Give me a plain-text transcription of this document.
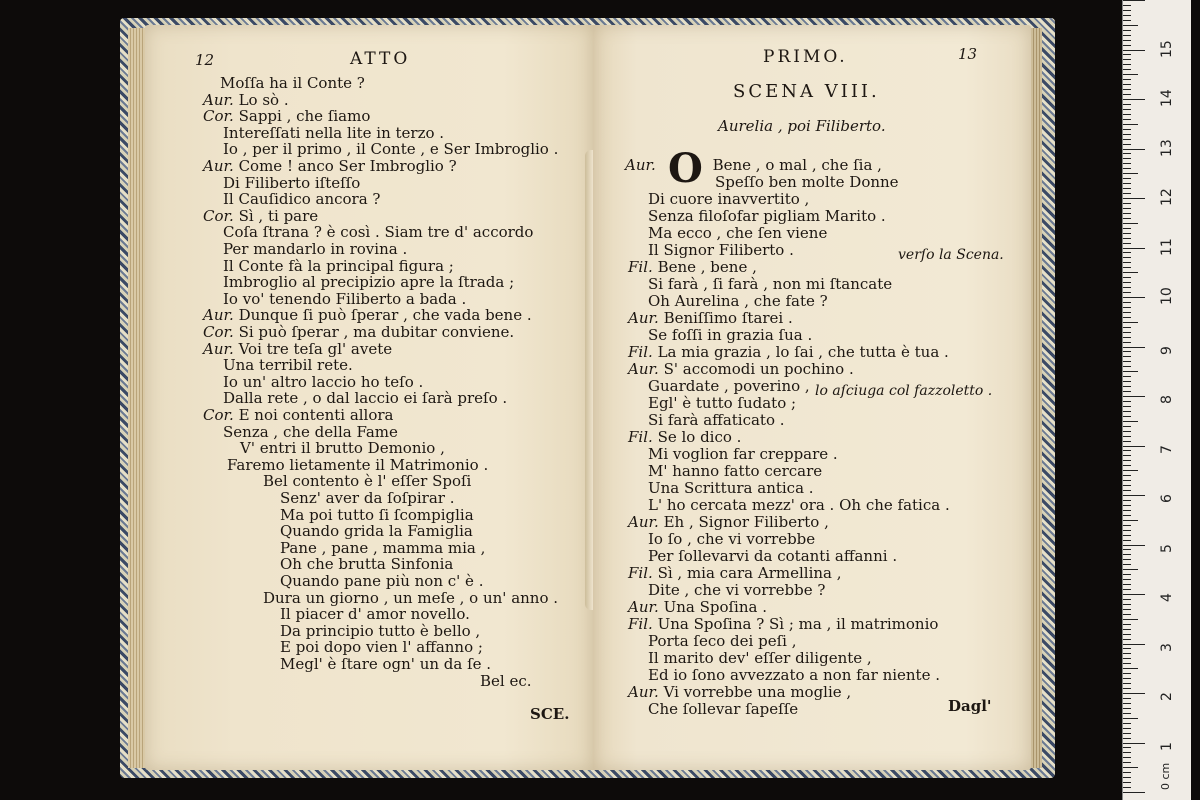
12	ATTO
Moſſa ha il Conte ?
Aur. Lo sò .
Cor. Sappi , che ſiamo
Intereſſati nella lite in terzo .
Io , per il primo , il Conte , e Ser Imbroglio .
Aur. Come ! anco Ser Imbroglio ?
Di Filiberto iſteſſo
Il Cauſidico ancora ?
Cor. Sì , ti pare
Coſa ſtrana ? è così . Siam tre d' accordo
Per mandarlo in rovina .
Il Conte fà la principal figura ;
Imbroglio al precipizio apre la ſtrada ;
Io vo' tenendo Filiberto a bada .
Aur. Dunque ſi può ſperar , che vada bene .
Cor. Si può ſperar , ma dubitar conviene.
Aur. Voi tre teſa gl' avete
Una terribil rete.
Io un' altro laccio ho teſo .
Dalla rete , o dal laccio ei ſarà preſo .
Cor. E noi contenti allora
Senza , che della Fame
V' entri il brutto Demonio ,
Faremo lietamente il Matrimonio .
Bel contento è l' eſſer Spoſi
Senz' aver da ſoſpirar .
Ma poi tutto ſi ſcompiglia
Quando grida la Famiglia
Pane , pane , mamma mia ,
Oh che brutta Sinfonia
Quando pane più non c' è .
Dura un giorno , un meſe , o un' anno .
Il piacer d' amor novello.
Da principio tutto è bello ,
E poi dopo vien l' affanno ;
Megl' è ſtare ogn' un da ſe .
Bel ec.
SCE.
PRIMO.	13
SCENA VIII.
Aurelia , poi Filiberto.
O
Aur.	Bene , o mal , che ſia ,
Speſſo ben molte Donne
Di cuore inavvertito ,
Senza filoſofar pigliam Marito .
Ma ecco , che ſen viene
Il Signor Filiberto .
Fil. Bene , bene ,
Si farà , ſi farà , non mi ſtancate
Oh Aurelina , che fate ?
Aur. Beniſſimo ſtarei .
Se foſſi in grazia ſua .
Fil. La mia grazia , lo ſai , che tutta è tua .
Aur. S' accomodi un pochino .
Guardate , poverino ,
Egl' è tutto ſudato ;
Si farà affaticato .
Fil. Se lo dico .
Mi voglion far creppare .
M' hanno fatto cercare
Una Scrittura antica .
L' ho cercata mezz' ora . Oh che fatica .
Aur. Eh , Signor Filiberto ,
Io ſo , che vi vorrebbe
Per ſollevarvi da cotanti affanni .
Fil. Sì , mia cara Armellina ,
Dite , che vi vorrebbe ?
Aur. Una Spoſina .
Fil. Una Spoſina ? Sì ; ma , il matrimonio
Porta ſeco dei peſi ,
Il marito dev' eſſer diligente ,
Ed io ſono avvezzato a non far niente .
Aur. Vi vorrebbe una moglie ,
Che ſollevar ſapeſſe
verſo la Scena.
lo aſciuga col fazzoletto .
Dagl'
1
2
3
4
5
6
7
8
9
10
11
12
13
14
15
0 cm
